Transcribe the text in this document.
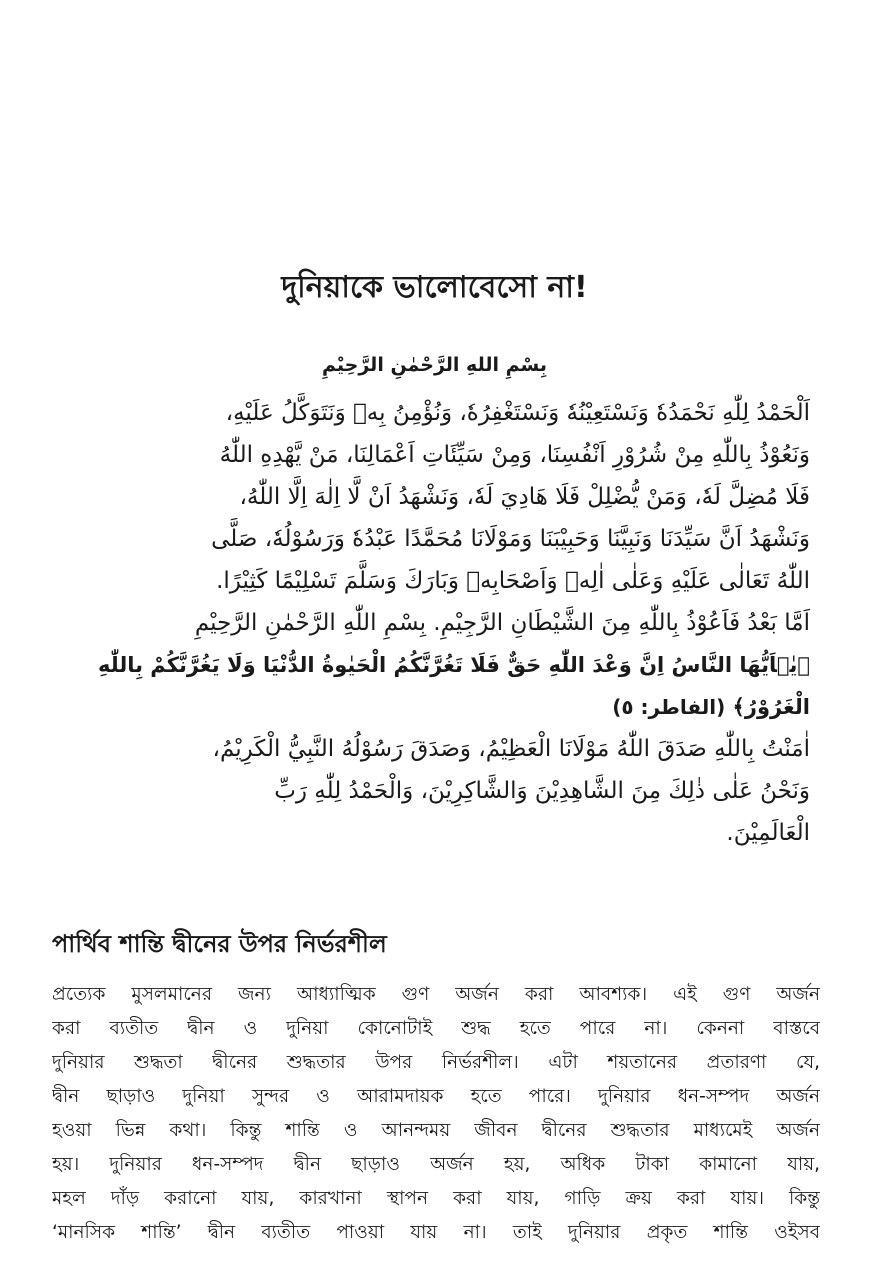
দুনিয়াকে ভালোবেসো না!
بِسْمِ اللهِ الرَّحْمٰنِ الرَّحِيْمِ
اَلْحَمْدُ لِلّٰهِ نَحْمَدُهٗ وَنَسْتَعِيْنُهٗ وَنَسْتَغْفِرُهٗ، وَنُؤْمِنُ بِهٖ وَنَتَوَكَّلُ عَلَيْهِ،
وَنَعُوْذُ بِاللّٰهِ مِنْ شُرُوْرِ اَنْفُسِنَا، وَمِنْ سَيِّئَاتِ اَعْمَالِنَا، مَنْ يَّهْدِهِ اللّٰهُ
فَلَا مُضِلَّ لَهٗ، وَمَنْ يُّضْلِلْ فَلَا هَادِيَ لَهٗ، وَنَشْهَدُ اَنْ لَّا اِلٰهَ اِلَّا اللّٰهُ،
وَنَشْهَدُ اَنَّ سَيِّدَنَا وَنَبِيَّنَا وَحَبِيْبَنَا وَمَوْلَانَا مُحَمَّدًا عَبْدُهٗ وَرَسُوْلُهٗ، صَلَّى
اللّٰهُ تَعَالٰى عَلَيْهِ وَعَلٰى اٰلِهٖ وَاَصْحَابِهٖ وَبَارَكَ وَسَلَّمَ تَسْلِيْمًا كَثِيْرًا.
اَمَّا بَعْدُ فَاَعُوْذُ بِاللّٰهِ مِنَ الشَّيْطَانِ الرَّجِيْمِ. بِسْمِ اللّٰهِ الرَّحْمٰنِ الرَّحِيْمِ
﴿يٰۤاَيُّهَا النَّاسُ اِنَّ وَعْدَ اللّٰهِ حَقٌّ فَلَا تَغُرَّنَّكُمُ الْحَيٰوةُ الدُّنْيَا وَلَا يَغُرَّنَّكُمْ بِاللّٰهِ
الْغَرُوْرُ﴾ (الفاطر: ٥)
اٰمَنْتُ بِاللّٰهِ صَدَقَ اللّٰهُ مَوْلَانَا الْعَظِيْمُ، وَصَدَقَ رَسُوْلُهُ النَّبِيُّ الْكَرِيْمُ،
وَنَحْنُ عَلٰى ذٰلِكَ مِنَ الشَّاهِدِيْنَ وَالشَّاكِرِيْنَ، وَالْحَمْدُ لِلّٰهِ رَبِّ
الْعَالَمِيْنَ.
পার্থিব শান্তি দ্বীনের উপর নির্ভরশীল
প্রত্যেক মুসলমানের জন্য আধ্যাত্মিক গুণ অর্জন করা আবশ্যক। এই গুণ অর্জন
করা ব্যতীত দ্বীন ও দুনিয়া কোনোটাই শুদ্ধ হতে পারে না। কেননা বাস্তবে
দুনিয়ার শুদ্ধতা দ্বীনের শুদ্ধতার উপর নির্ভরশীল। এটা শয়তানের প্রতারণা যে,
দ্বীন ছাড়াও দুনিয়া সুন্দর ও আরামদায়ক হতে পারে। দুনিয়ার ধন-সম্পদ অর্জন
হওয়া ভিন্ন কথা। কিন্তু শান্তি ও আনন্দময় জীবন দ্বীনের শুদ্ধতার মাধ্যমেই অর্জন
হয়। দুনিয়ার ধন-সম্পদ দ্বীন ছাড়াও অর্জন হয়, অধিক টাকা কামানো যায়,
মহল দাঁড় করানো যায়, কারখানা স্থাপন করা যায়, গাড়ি ক্রয় করা যায়। কিন্তু
‘মানসিক শান্তি’ দ্বীন ব্যতীত পাওয়া যায় না। তাই দুনিয়ার প্রকৃত শান্তি ওইসব
